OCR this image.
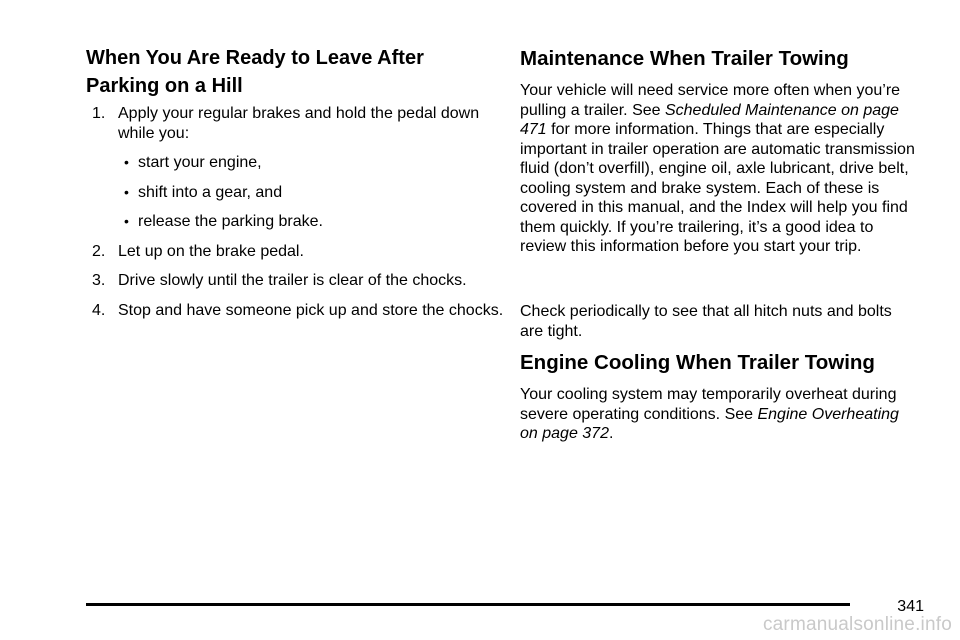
When You Are Ready to Leave After Parking on a Hill
1. Apply your regular brakes and hold the pedal down while you:
• start your engine,
• shift into a gear, and
• release the parking brake.
2. Let up on the brake pedal.
3. Drive slowly until the trailer is clear of the chocks.
4. Stop and have someone pick up and store the chocks.
Maintenance When Trailer Towing

Your vehicle will need service more often when you’re pulling a trailer. See Scheduled Maintenance on page 471 for more information. Things that are especially important in trailer operation are automatic transmission fluid (don’t overfill), engine oil, axle lubricant, drive belt, cooling system and brake system. Each of these is covered in this manual, and the Index will help you find them quickly. If you’re trailering, it’s a good idea to review this information before you start your trip.

Check periodically to see that all hitch nuts and bolts are tight.

Engine Cooling When Trailer Towing

Your cooling system may temporarily overheat during severe operating conditions. See Engine Overheating on page 372.

341
carmanualsonline.info
